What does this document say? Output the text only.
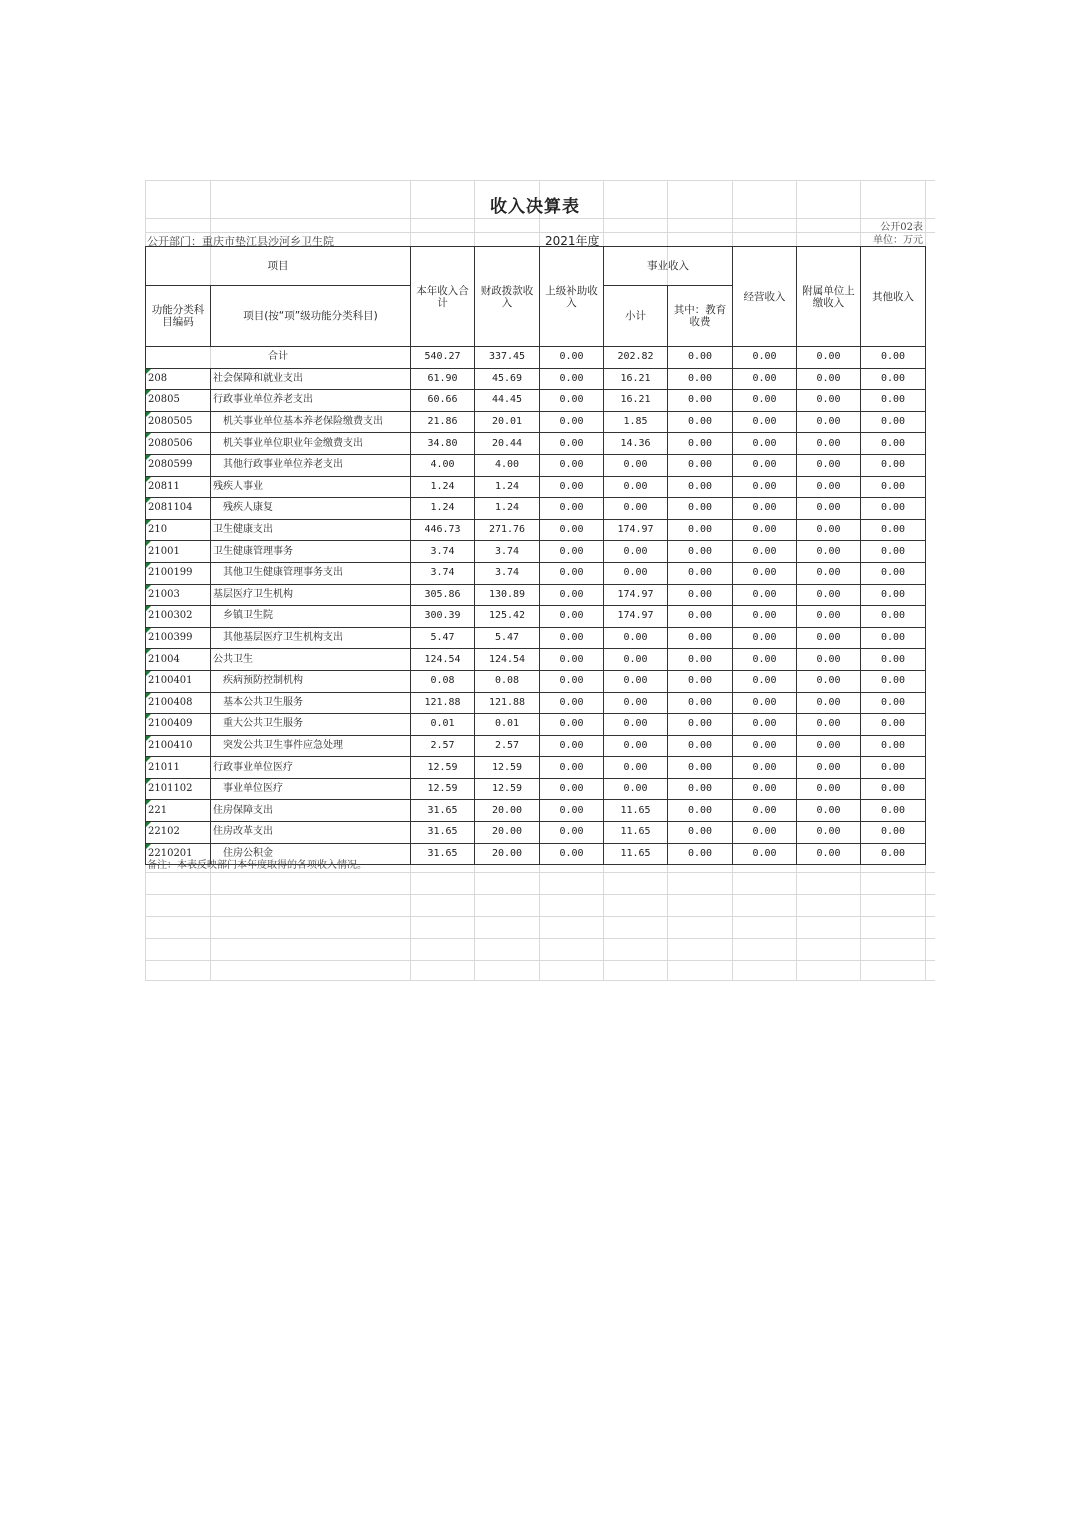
收入决算表
公开02表
单位：万元
公开部门：重庆市垫江县沙河乡卫生院	2021年度
项目		本年收入合计	财政拨款收入	上级补助收入	事业收入		经营收入	附属单位上缴收入	其他收入
功能分类科目编码	项目(按“项”级功能分类科目)				小计	其中：教育收费			

合计		540.27	337.45	0.00	202.82	0.00	0.00	0.00	0.00
208	社会保障和就业支出	61.90	45.69	0.00	16.21	0.00	0.00	0.00	0.00
20805	行政事业单位养老支出	60.66	44.45	0.00	16.21	0.00	0.00	0.00	0.00
2080505	机关事业单位基本养老保险缴费支出	21.86	20.01	0.00	1.85	0.00	0.00	0.00	0.00
2080506	机关事业单位职业年金缴费支出	34.80	20.44	0.00	14.36	0.00	0.00	0.00	0.00
2080599	其他行政事业单位养老支出	4.00	4.00	0.00	0.00	0.00	0.00	0.00	0.00
20811	残疾人事业	1.24	1.24	0.00	0.00	0.00	0.00	0.00	0.00
2081104	残疾人康复	1.24	1.24	0.00	0.00	0.00	0.00	0.00	0.00
210	卫生健康支出	446.73	271.76	0.00	174.97	0.00	0.00	0.00	0.00
21001	卫生健康管理事务	3.74	3.74	0.00	0.00	0.00	0.00	0.00	0.00
2100199	其他卫生健康管理事务支出	3.74	3.74	0.00	0.00	0.00	0.00	0.00	0.00
21003	基层医疗卫生机构	305.86	130.89	0.00	174.97	0.00	0.00	0.00	0.00
2100302	乡镇卫生院	300.39	125.42	0.00	174.97	0.00	0.00	0.00	0.00
2100399	其他基层医疗卫生机构支出	5.47	5.47	0.00	0.00	0.00	0.00	0.00	0.00
21004	公共卫生	124.54	124.54	0.00	0.00	0.00	0.00	0.00	0.00
2100401	疾病预防控制机构	0.08	0.08	0.00	0.00	0.00	0.00	0.00	0.00
2100408	基本公共卫生服务	121.88	121.88	0.00	0.00	0.00	0.00	0.00	0.00
2100409	重大公共卫生服务	0.01	0.01	0.00	0.00	0.00	0.00	0.00	0.00
2100410	突发公共卫生事件应急处理	2.57	2.57	0.00	0.00	0.00	0.00	0.00	0.00
21011	行政事业单位医疗	12.59	12.59	0.00	0.00	0.00	0.00	0.00	0.00
2101102	事业单位医疗	12.59	12.59	0.00	0.00	0.00	0.00	0.00	0.00
221	住房保障支出	31.65	20.00	0.00	11.65	0.00	0.00	0.00	0.00
22102	住房改革支出	31.65	20.00	0.00	11.65	0.00	0.00	0.00	0.00
2210201	住房公积金	31.65	20.00	0.00	11.65	0.00	0.00	0.00	0.00
备注：本表反映部门本年度取得的各项收入情况。
